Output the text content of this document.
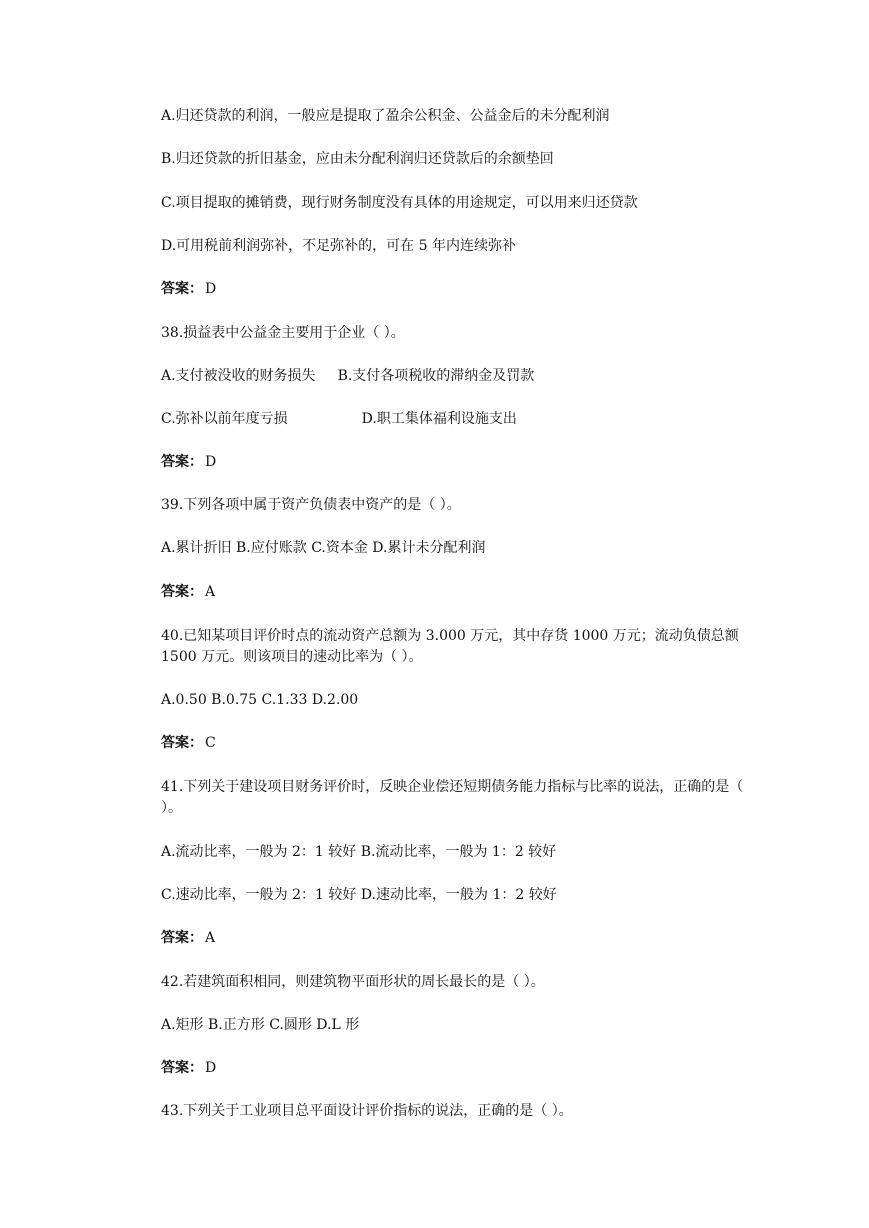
A.归还贷款的利润，一般应是提取了盈余公积金、公益金后的未分配利润
B.归还贷款的折旧基金，应由未分配利润归还贷款后的余额垫回
C.项目提取的摊销费，现行财务制度没有具体的用途规定，可以用来归还贷款
D.可用税前利润弥补，不足弥补的，可在 5 年内连续弥补
答案： D
38.损益表中公益金主要用于企业（ ）。
A.支付被没收的财务损失 B.支付各项税收的滞纳金及罚款
C.弥补以前年度亏损	D.职工集体福利设施支出
答案： D
39.下列各项中属于资产负债表中资产的是（ ）。
A.累计折旧 B.应付账款 C.资本金 D.累计未分配利润
答案： A
40.已知某项目评价时点的流动资产总额为 3.000 万元，其中存货 1000 万元；流动负债总额 1500 万元。则该项目的速动比率为（ ）。
A.0.50 B.0.75 C.1.33 D.2.00
答案： C
41.下列关于建设项目财务评价时，反映企业偿还短期债务能力指标与比率的说法，正确的是（ ）。
A.流动比率，一般为 2：1 较好 B.流动比率，一般为 1：2 较好
C.速动比率，一般为 2：1 较好 D.速动比率，一般为 1：2 较好
答案： A
42.若建筑面积相同，则建筑物平面形状的周长最长的是（ ）。
A.矩形 B.正方形 C.圆形 D.L 形
答案： D
43.下列关于工业项目总平面设计评价指标的说法，正确的是（ ）。
